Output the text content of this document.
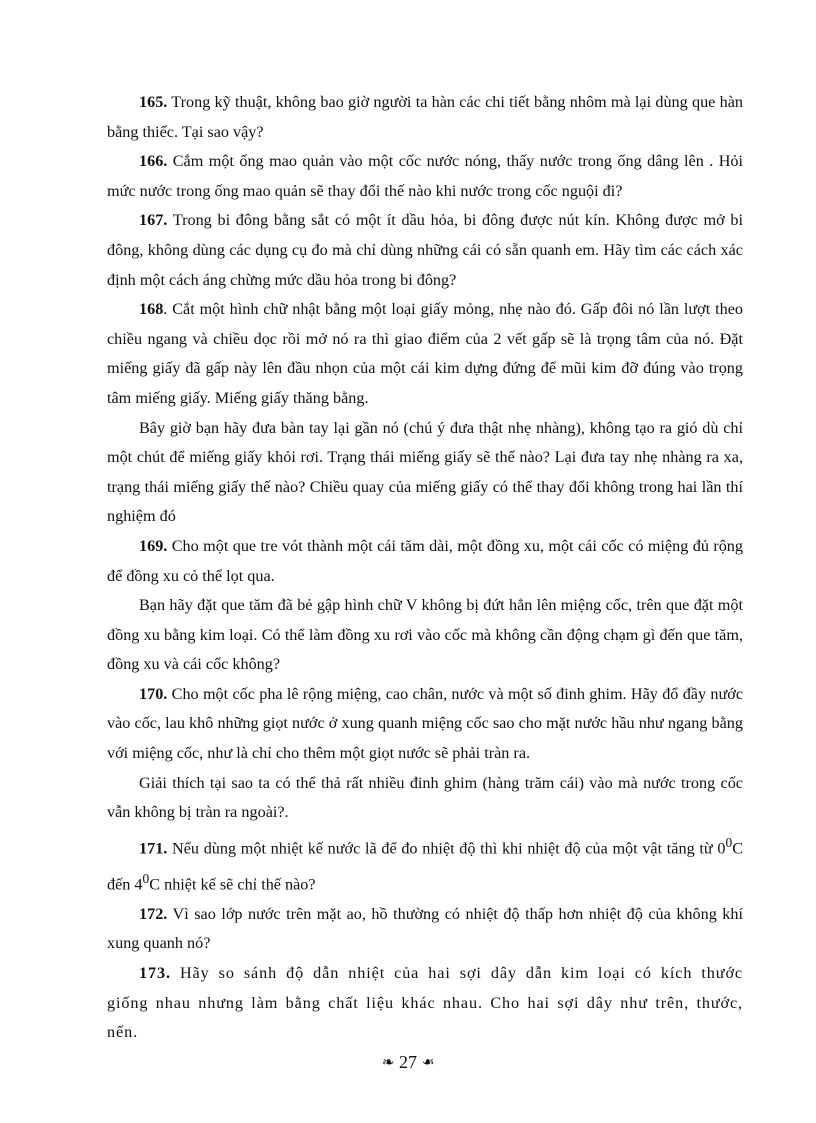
165. Trong kỹ thuật, không bao giờ người ta hàn các chi tiết bằng nhôm mà lại dùng que hàn bằng thiếc. Tại sao vậy?

166. Cắm một ống mao quản vào một cốc nước nóng, thấy nước trong ống dâng lên . Hỏi mức nước trong ống mao quản sẽ thay đổi thế nào khi nước trong cốc nguội đi?

167. Trong bi đông bằng sắt có một ít dầu hỏa, bi đông được nút kín. Không được mở bi đông, không dùng các dụng cụ đo mà chỉ dùng những cái có sẵn quanh em. Hãy tìm các cách xác định một cách áng chừng mức dầu hỏa trong bi đông?

168. Cắt một hình chữ nhật bằng một loại giấy mỏng, nhẹ nào đó. Gấp đôi nó lần lượt theo chiều ngang và chiều dọc rồi mở nó ra thì giao điểm của 2 vết gấp sẽ là trọng tâm của nó. Đặt miếng giấy đã gấp này lên đầu nhọn của một cái kim dựng đứng để mũi kim đỡ đúng vào trọng tâm miếng giấy. Miếng giấy thăng bằng.

Bây giờ bạn hãy đưa bàn tay lại gần nó (chú ý đưa thật nhẹ nhàng), không tạo ra gió dù chỉ một chút để miếng giấy khỏi rơi. Trạng thái miếng giấy sẽ thế nào? Lại đưa tay nhẹ nhàng ra xa, trạng thái miếng giấy thế nào? Chiều quay của miếng giấy có thể thay đổi không trong hai lần thí nghiệm đó

169. Cho một que tre vót thành một cái tăm dài, một đồng xu, một cái cốc có miệng đủ rộng để đồng xu cỏ thể lọt qua.

Bạn hãy đặt que tăm đã bẻ gập hình chữ V không bị đứt hẳn lên miệng cốc, trên que đặt một đồng xu bằng kim loại. Có thể làm đồng xu rơi vào cốc mà không cần động chạm gì đến que tăm, đồng xu và cái cốc không?

170. Cho một cốc pha lê rộng miệng, cao chân, nước và một số đinh ghim. Hãy đổ đầy nước vào cốc, lau khô những giọt nước ở xung quanh miệng cốc sao cho mặt nước hầu như ngang bằng với miệng cốc, như là chỉ cho thêm một giọt nước sẽ phải tràn ra.

Giải thích tại sao ta có thể thả rất nhiều đinh ghim (hàng trăm cái) vào mà nước trong cốc vẫn không bị tràn ra ngoài?.

171. Nếu dùng một nhiệt kế nước lã để đo nhiệt độ thì khi nhiệt độ của một vật tăng từ $0^0C$ đến $4^0C$ nhiệt kế sẽ chỉ thế nào?

172. Vì sao lớp nước trên mặt ao, hồ thường có nhiệt độ thấp hơn nhiệt độ của không khí xung quanh nó?

173. Hãy so sánh độ dẫn nhiệt của hai sợi dây dẫn kim loại có kích thước giống nhau nhưng làm bằng chất liệu khác nhau. Cho hai sợi dây như trên, thước, nến.

❧ 27 ❧
